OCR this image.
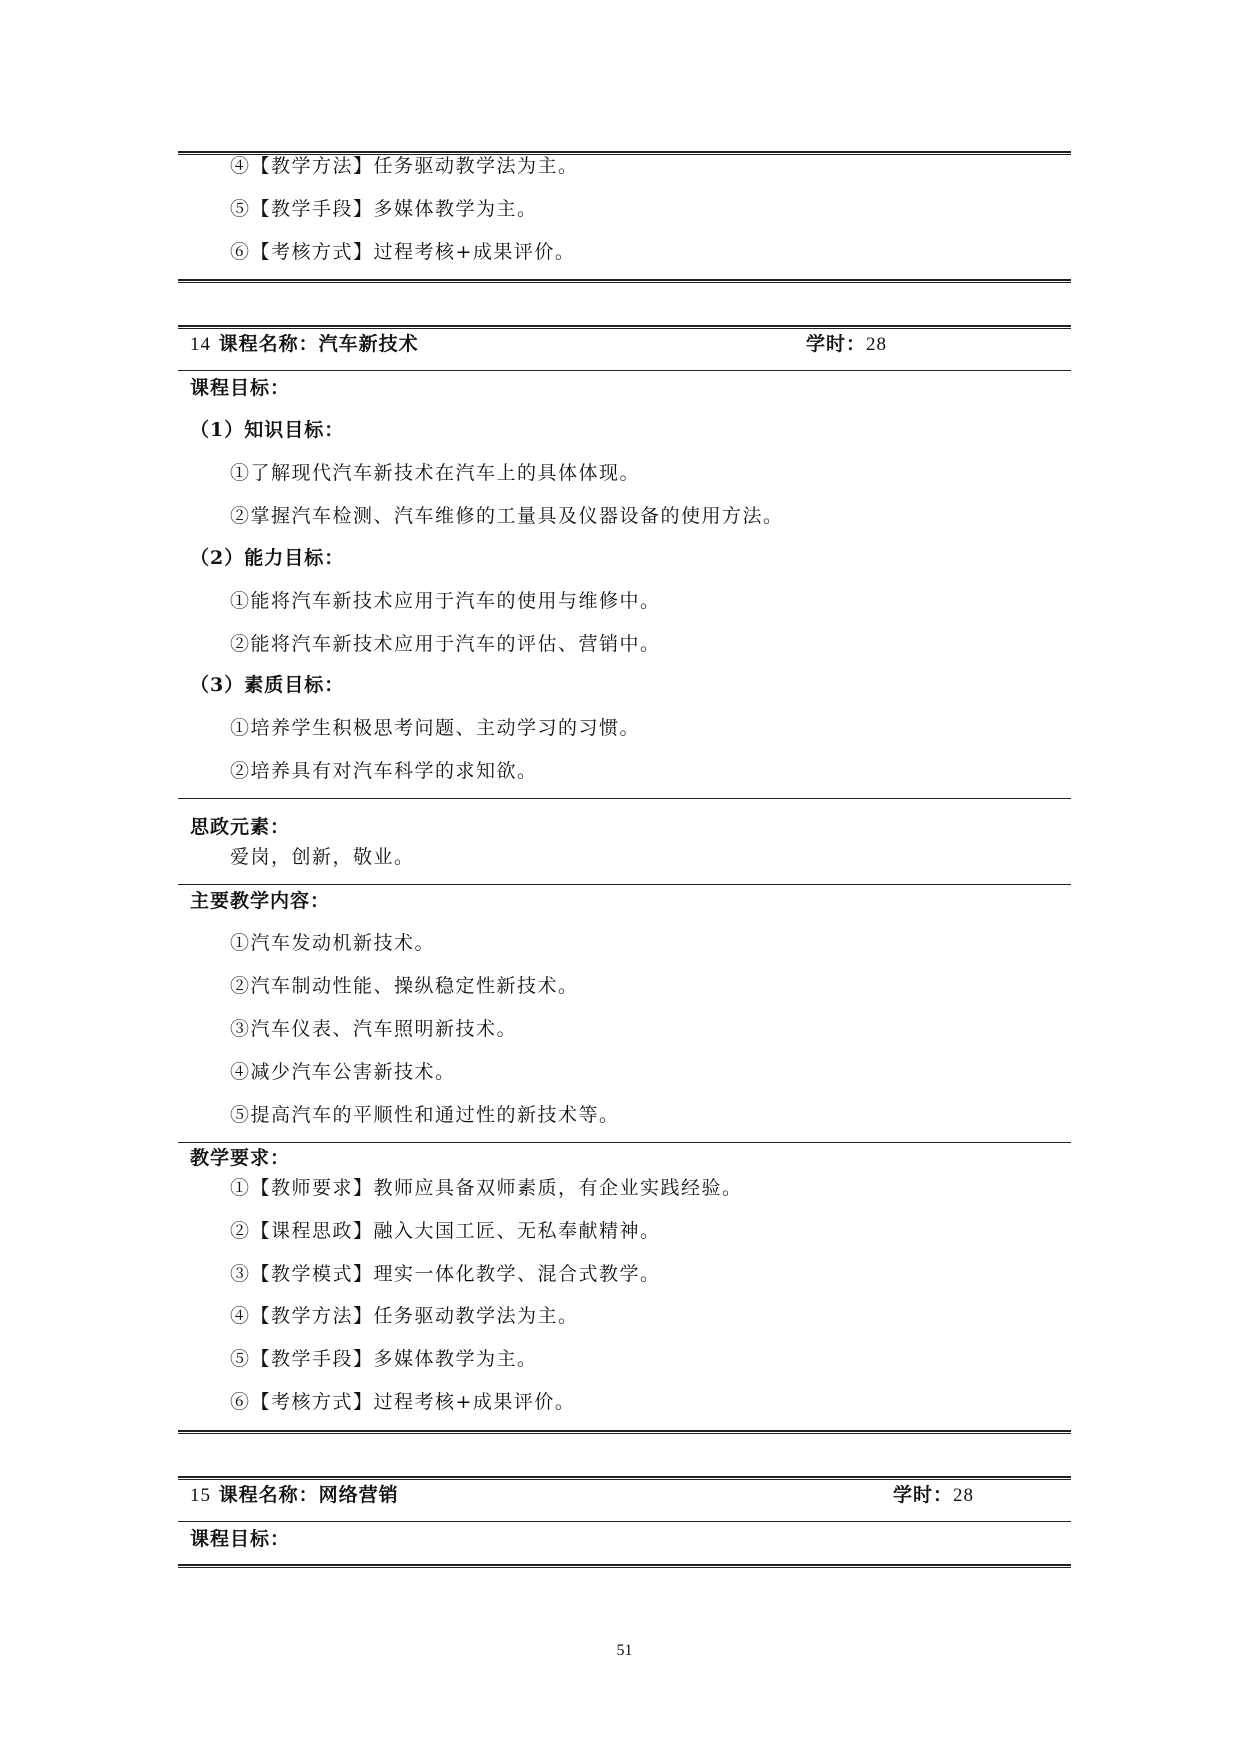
④【教学方法】任务驱动教学法为主。
⑤【教学手段】多媒体教学为主。
⑥【考核方式】过程考核+成果评价。
14 课程名称：汽车新技术	学时：28
课程目标：
（1）知识目标：
①了解现代汽车新技术在汽车上的具体体现。
②掌握汽车检测、汽车维修的工量具及仪器设备的使用方法。
（2）能力目标：
①能将汽车新技术应用于汽车的使用与维修中。
②能将汽车新技术应用于汽车的评估、营销中。
（3）素质目标：
①培养学生积极思考问题、主动学习的习惯。
②培养具有对汽车科学的求知欲。
思政元素：
爱岗，创新，敬业。
主要教学内容：
①汽车发动机新技术。
②汽车制动性能、操纵稳定性新技术。
③汽车仪表、汽车照明新技术。
④减少汽车公害新技术。
⑤提高汽车的平顺性和通过性的新技术等。
教学要求：
①【教师要求】教师应具备双师素质，有企业实践经验。
②【课程思政】融入大国工匠、无私奉献精神。
③【教学模式】理实一体化教学、混合式教学。
④【教学方法】任务驱动教学法为主。
⑤【教学手段】多媒体教学为主。
⑥【考核方式】过程考核+成果评价。
15 课程名称：网络营销	学时：28
课程目标：
51
